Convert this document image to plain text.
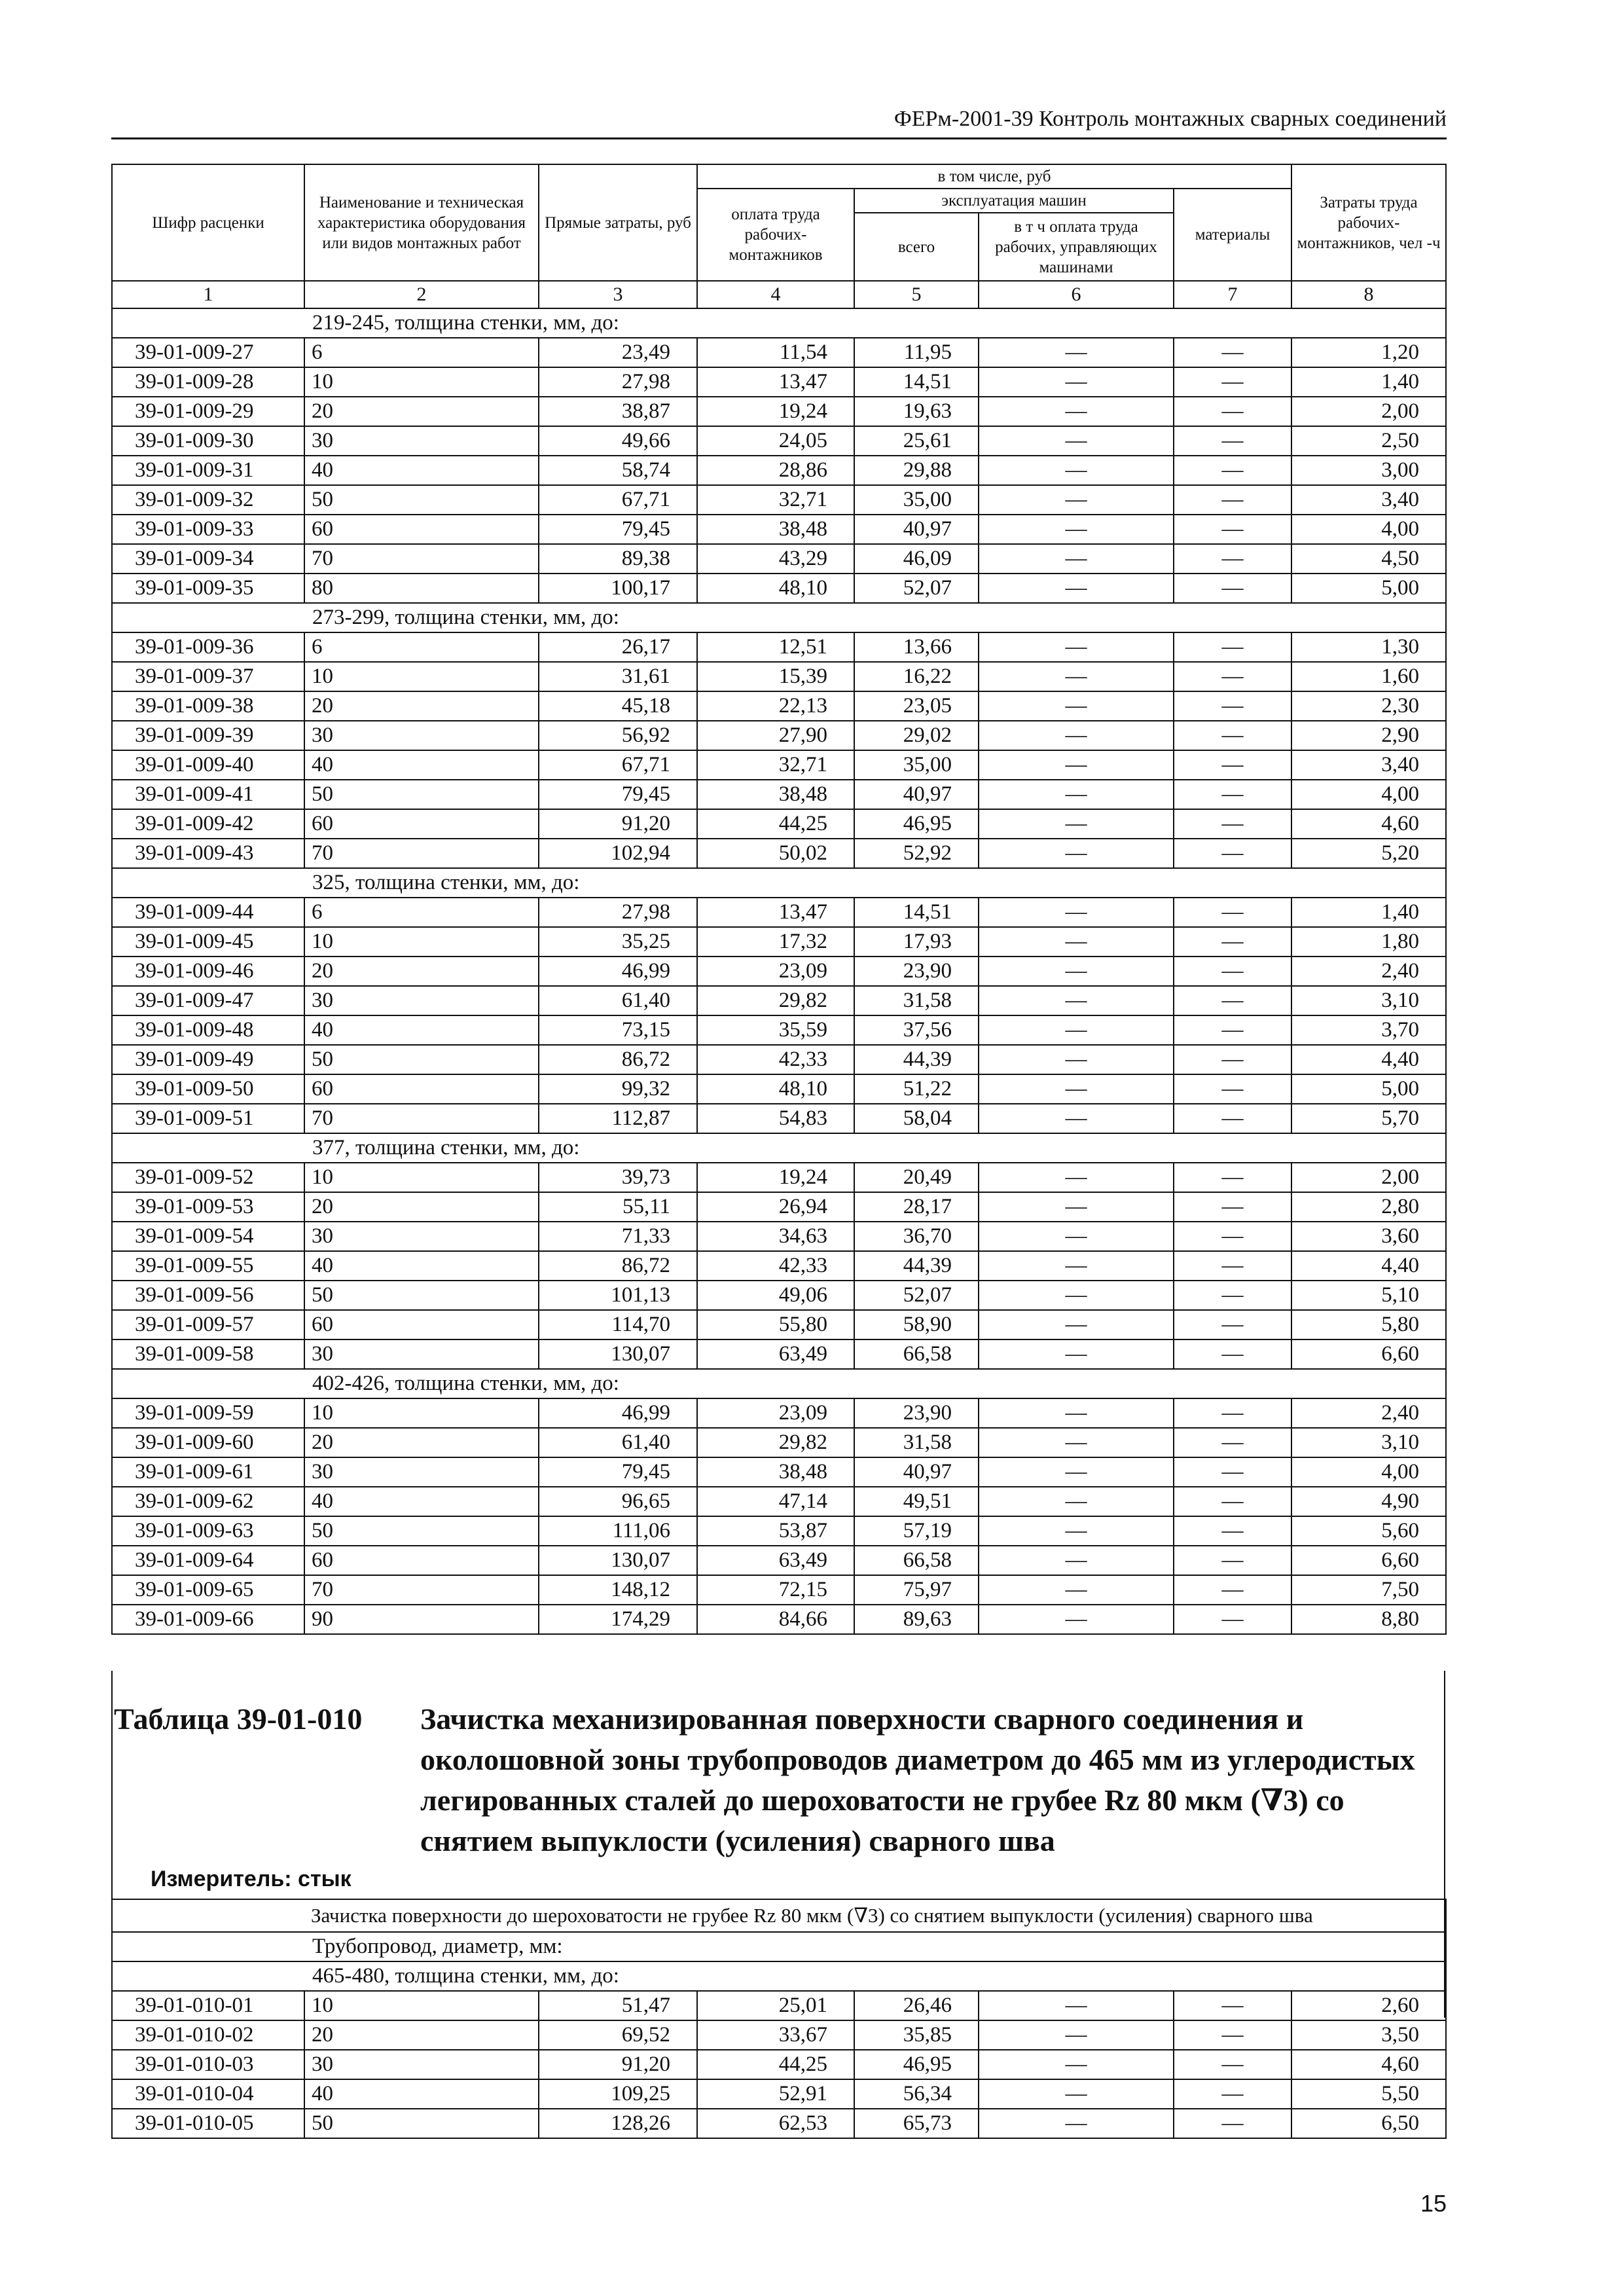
ФЕРм-2001-39 Контроль монтажных сварных соединений
Шифр расценки	Наименование и техническая характеристика оборудования или видов монтажных работ	Прямые затраты, руб	в том числе, руб				Затраты труда рабочих-монтажников, чел -ч
			оплата труда рабочих-монтажников	эксплуатация машин		материалы	
				всего	в т ч оплата труда рабочих, управляющих машинами		
1	2	3	4	5	6	7	8
	219-245, толщина стенки, мм, до:						
39-01-009-27	6	23,49	11,54	11,95	—	—	1,20
39-01-009-28	10	27,98	13,47	14,51	—	—	1,40
39-01-009-29	20	38,87	19,24	19,63	—	—	2,00
39-01-009-30	30	49,66	24,05	25,61	—	—	2,50
39-01-009-31	40	58,74	28,86	29,88	—	—	3,00
39-01-009-32	50	67,71	32,71	35,00	—	—	3,40
39-01-009-33	60	79,45	38,48	40,97	—	—	4,00
39-01-009-34	70	89,38	43,29	46,09	—	—	4,50
39-01-009-35	80	100,17	48,10	52,07	—	—	5,00
	273-299, толщина стенки, мм, до:						
39-01-009-36	6	26,17	12,51	13,66	—	—	1,30
39-01-009-37	10	31,61	15,39	16,22	—	—	1,60
39-01-009-38	20	45,18	22,13	23,05	—	—	2,30
39-01-009-39	30	56,92	27,90	29,02	—	—	2,90
39-01-009-40	40	67,71	32,71	35,00	—	—	3,40
39-01-009-41	50	79,45	38,48	40,97	—	—	4,00
39-01-009-42	60	91,20	44,25	46,95	—	—	4,60
39-01-009-43	70	102,94	50,02	52,92	—	—	5,20
	325, толщина стенки, мм, до:						
39-01-009-44	6	27,98	13,47	14,51	—	—	1,40
39-01-009-45	10	35,25	17,32	17,93	—	—	1,80
39-01-009-46	20	46,99	23,09	23,90	—	—	2,40
39-01-009-47	30	61,40	29,82	31,58	—	—	3,10
39-01-009-48	40	73,15	35,59	37,56	—	—	3,70
39-01-009-49	50	86,72	42,33	44,39	—	—	4,40
39-01-009-50	60	99,32	48,10	51,22	—	—	5,00
39-01-009-51	70	112,87	54,83	58,04	—	—	5,70
	377, толщина стенки, мм, до:						
39-01-009-52	10	39,73	19,24	20,49	—	—	2,00
39-01-009-53	20	55,11	26,94	28,17	—	—	2,80
39-01-009-54	30	71,33	34,63	36,70	—	—	3,60
39-01-009-55	40	86,72	42,33	44,39	—	—	4,40
39-01-009-56	50	101,13	49,06	52,07	—	—	5,10
39-01-009-57	60	114,70	55,80	58,90	—	—	5,80
39-01-009-58	30	130,07	63,49	66,58	—	—	6,60
	402-426, толщина стенки, мм, до:						
39-01-009-59	10	46,99	23,09	23,90	—	—	2,40
39-01-009-60	20	61,40	29,82	31,58	—	—	3,10
39-01-009-61	30	79,45	38,48	40,97	—	—	4,00
39-01-009-62	40	96,65	47,14	49,51	—	—	4,90
39-01-009-63	50	111,06	53,87	57,19	—	—	5,60
39-01-009-64	60	130,07	63,49	66,58	—	—	6,60
39-01-009-65	70	148,12	72,15	75,97	—	—	7,50
39-01-009-66	90	174,29	84,66	89,63	—	—	8,80
Таблица 39-01-010 Зачистка механизированная поверхности сварного соединения и околошовной зоны трубопроводов диаметром до 465 мм из углеродистых легированных сталей до шероховатости не грубее Rz 80 мкм (∇3) со снятием выпуклости (усиления) сварного шва
Измеритель: стык
	Зачистка поверхности до шероховатости не грубее Rz 80 мкм (∇3) со снятием выпуклости (усиления) сварного шва						
	Трубопровод, диаметр, мм:						
	465-480, толщина стенки, мм, до:						
39-01-010-01	10	51,47	25,01	26,46	—	—	2,60
39-01-010-02	20	69,52	33,67	35,85	—	—	3,50
39-01-010-03	30	91,20	44,25	46,95	—	—	4,60
39-01-010-04	40	109,25	52,91	56,34	—	—	5,50
39-01-010-05	50	128,26	62,53	65,73	—	—	6,50
15
